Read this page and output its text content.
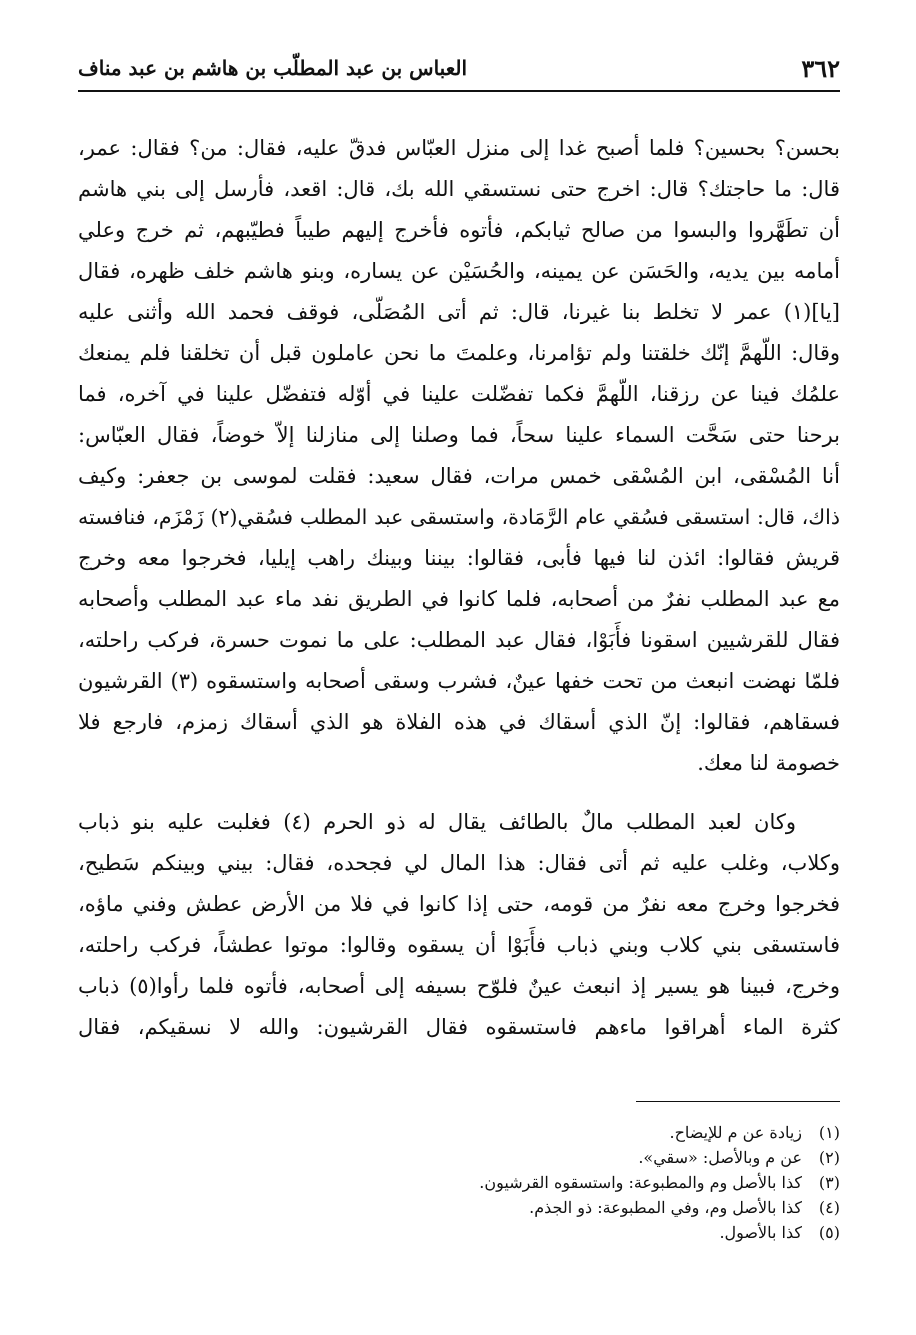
٣٦٢
العباس بن عبد المطلّب بن هاشم بن عبد مناف
بحسن؟ بحسين؟ فلما أصبح غدا إلى منزل العبّاس فدقّ عليه، فقال: من؟ فقال: عمر،
قال: ما حاجتك؟ قال: اخرج حتى نستسقي الله بك، قال: اقعد، فأرسل إلى بني هاشم
أن تطَهَّروا والبسوا من صالح ثيابكم، فأتوه فأخرج إليهم طيباً فطيّبهم، ثم خرج وعلي
أمامه بين يديه، والحَسَن عن يمينه، والحُسَيْن عن يساره، وبنو هاشم خلف ظهره، فقال
[يا](١) عمر لا تخلط بنا غيرنا، قال: ثم أتى المُصَلّى، فوقف فحمد الله وأثنى عليه
وقال: اللّهمَّ إنّك خلقتنا ولم تؤامرنا، وعلمتَ ما نحن عاملون قبل أن تخلقنا فلم يمنعك
علمُك فينا عن رزقنا، اللّهمَّ فكما تفضّلت علينا في أوّله فتفضّل علينا في آخره، فما
برحنا حتى سَحَّت السماء علينا سحاً، فما وصلنا إلى منازلنا إلاّ خوضاً، فقال العبّاس:
أنا المُسْقى، ابن المُسْقى خمس مرات، فقال سعيد: فقلت لموسى بن جعفر: وكيف
ذاك، قال: استسقى فسُقي عام الرَّمَادة، واستسقى عبد المطلب فسُقي(٢) زَمْزَم، فنافسته
قريش فقالوا: ائذن لنا فيها فأبى، فقالوا: بيننا وبينك راهب إيليا، فخرجوا معه وخرج
مع عبد المطلب نفرٌ من أصحابه، فلما كانوا في الطريق نفد ماء عبد المطلب وأصحابه
فقال للقرشيين اسقونا فأَبَوْا، فقال عبد المطلب: على ما نموت حسرة، فركب راحلته،
فلمّا نهضت انبعث من تحت خفها عينٌ، فشرب وسقى أصحابه واستسقوه (٣) القرشيون
فسقاهم، فقالوا: إنّ الذي أسقاك في هذه الفلاة هو الذي أسقاك زمزم، فارجع فلا
خصومة لنا معك.
وكان لعبد المطلب مالٌ بالطائف يقال له ذو الحرم (٤) فغلبت عليه بنو ذباب
وكلاب، وغلب عليه ثم أتى فقال: هذا المال لي فجحده، فقال: بيني وبينكم سَطيح،
فخرجوا وخرج معه نفرٌ من قومه، حتى إذا كانوا في فلا من الأرض عطش وفني ماؤه،
فاستسقى بني كلاب وبني ذباب فأَبَوْا أن يسقوه وقالوا: موتوا عطشاً، فركب راحلته،
وخرج، فبينا هو يسير إذ انبعث عينٌ فلوّح بسيفه إلى أصحابه، فأتوه فلما رأوا(٥) ذباب
كثرة الماء أهراقوا ماءهم فاستسقوه فقال القرشيون: والله لا نسقيكم، فقال
(١)زيادة عن م للإيضاح.
(٢)عن م وبالأصل: «سقي».
(٣)كذا بالأصل وم والمطبوعة: واستسقوه القرشيون.
(٤)كذا بالأصل وم، وفي المطبوعة: ذو الجذم.
(٥)كذا بالأصول.
